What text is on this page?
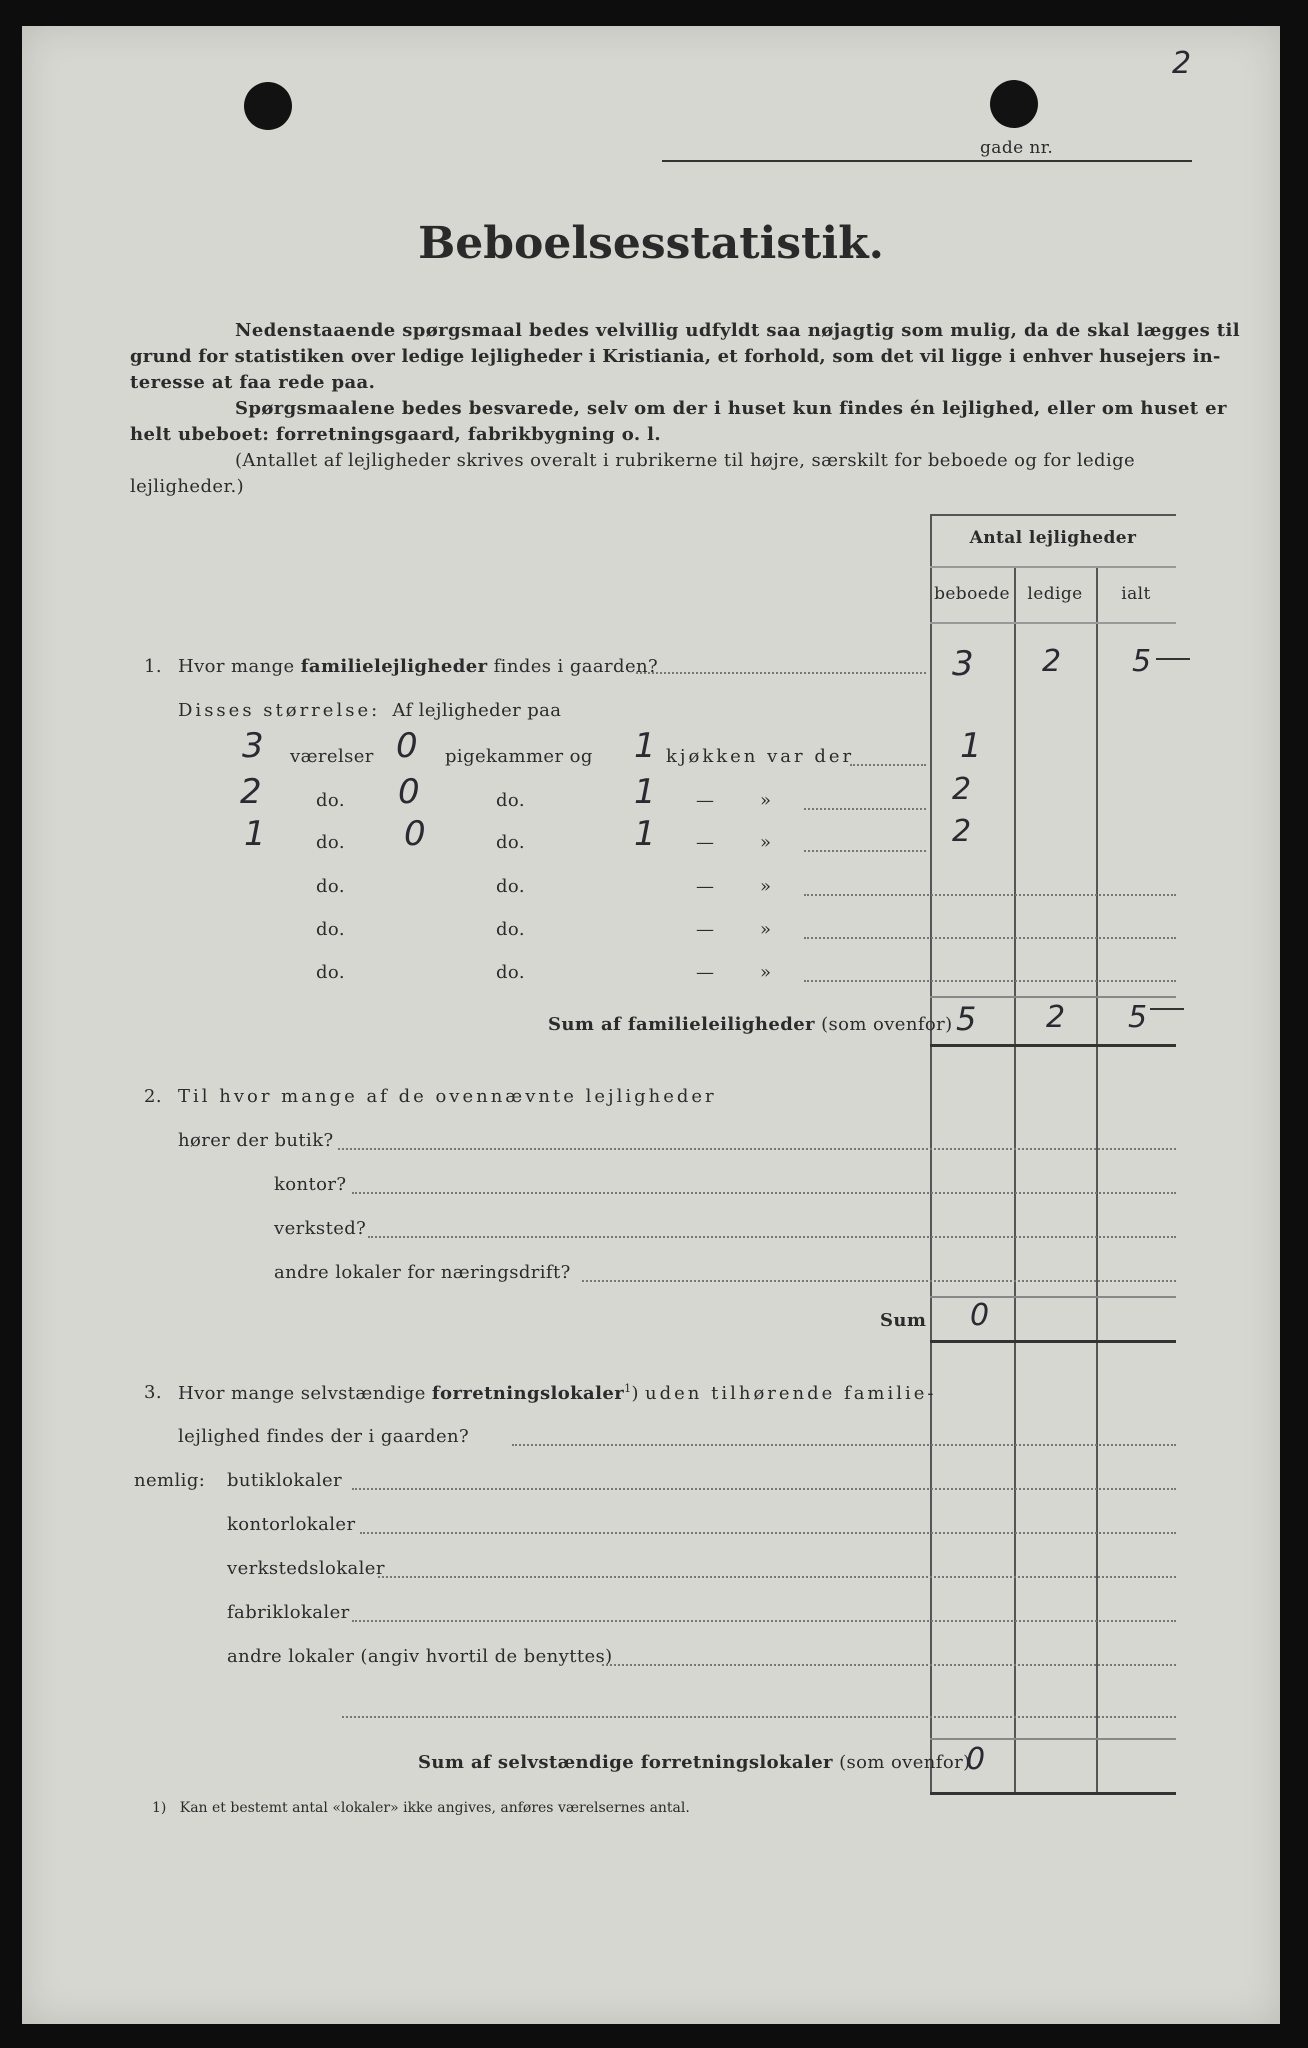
2
gade nr.
Beboelsesstatistik.
Nedenstaaende spørgsmaal bedes velvillig udfyldt saa nøjagtig som mulig, da de skal lægges til
grund for statistiken over ledige lejligheder i Kristiania, et forhold, som det vil ligge i enhver husejers in-
teresse at faa rede paa.
Spørgsmaalene bedes besvarede, selv om der i huset kun findes én lejlighed, eller om huset er
helt ubeboet: forretningsgaard, fabrikbygning o. l.
(Antallet af lejligheder skrives overalt i rubrikerne til højre, særskilt for beboede og for ledige
lejligheder.)
Antal lejligheder
beboede	ledige	ialt
1. Hvor mange familielejligheder findes i gaarden?	3 2 5
Disses størrelse: Af lejligheder paa
3 værelser 0 pigekammer og 1 kjøkken var der	1
2	do. 0	do.	1 —	»	2
1	do. 0	do.	1 —	»	2
do.	do.	—	»
do.	do.	—	»
do.	do.	—	»
Sum af familieleiligheder (som ovenfor) 5 2 5
2. Til hvor mange af de ovennævnte lejligheder
hører der butik?
kontor?
verksted?
andre lokaler for næringsdrift?
Sum 0
3. Hvor mange selvstændige forretningslokaler$^1$) uden tilhørende familie-
lejlighed findes der i gaarden?
nemlig: butiklokaler
kontorlokaler
verkstedslokaler
fabriklokaler
andre lokaler (angiv hvortil de benyttes)
Sum af selvstændige forretningslokaler (som ovenfor)
0
1) Kan et bestemt antal «lokaler» ikke angives, anføres værelsernes antal.
